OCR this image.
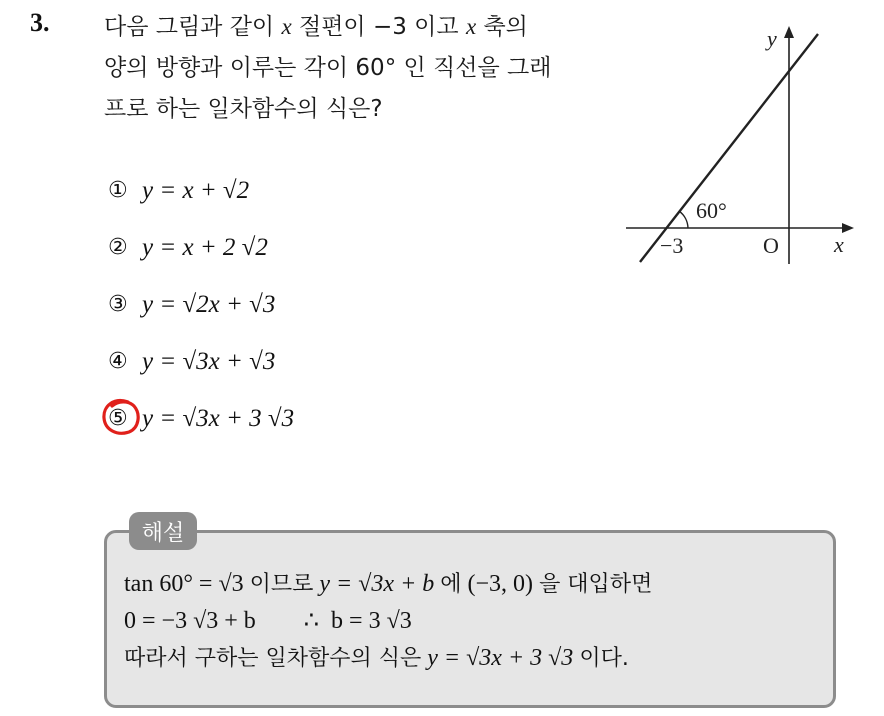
3. 다음 그림과 같이 x 절편이 −3 이고 x 축의
양의 방향과 이루는 각이 60° 인 직선을 그래
프로 하는 일차함수의 식은?
① y = x + √2
② y = x + 2 √2
③ y = √2x + √3
④ y = √3x + √3
⑤ y = √3x + 3 √3
y
x
O
−3
60°
해설
tan 60° = √3 이므로 y = √3x + b 에 (−3, 0) 을 대입하면
0 = −3 √3 + b        ∴  b = 3 √3
따라서 구하는 일차함수의 식은 y = √3x + 3 √3 이다.
